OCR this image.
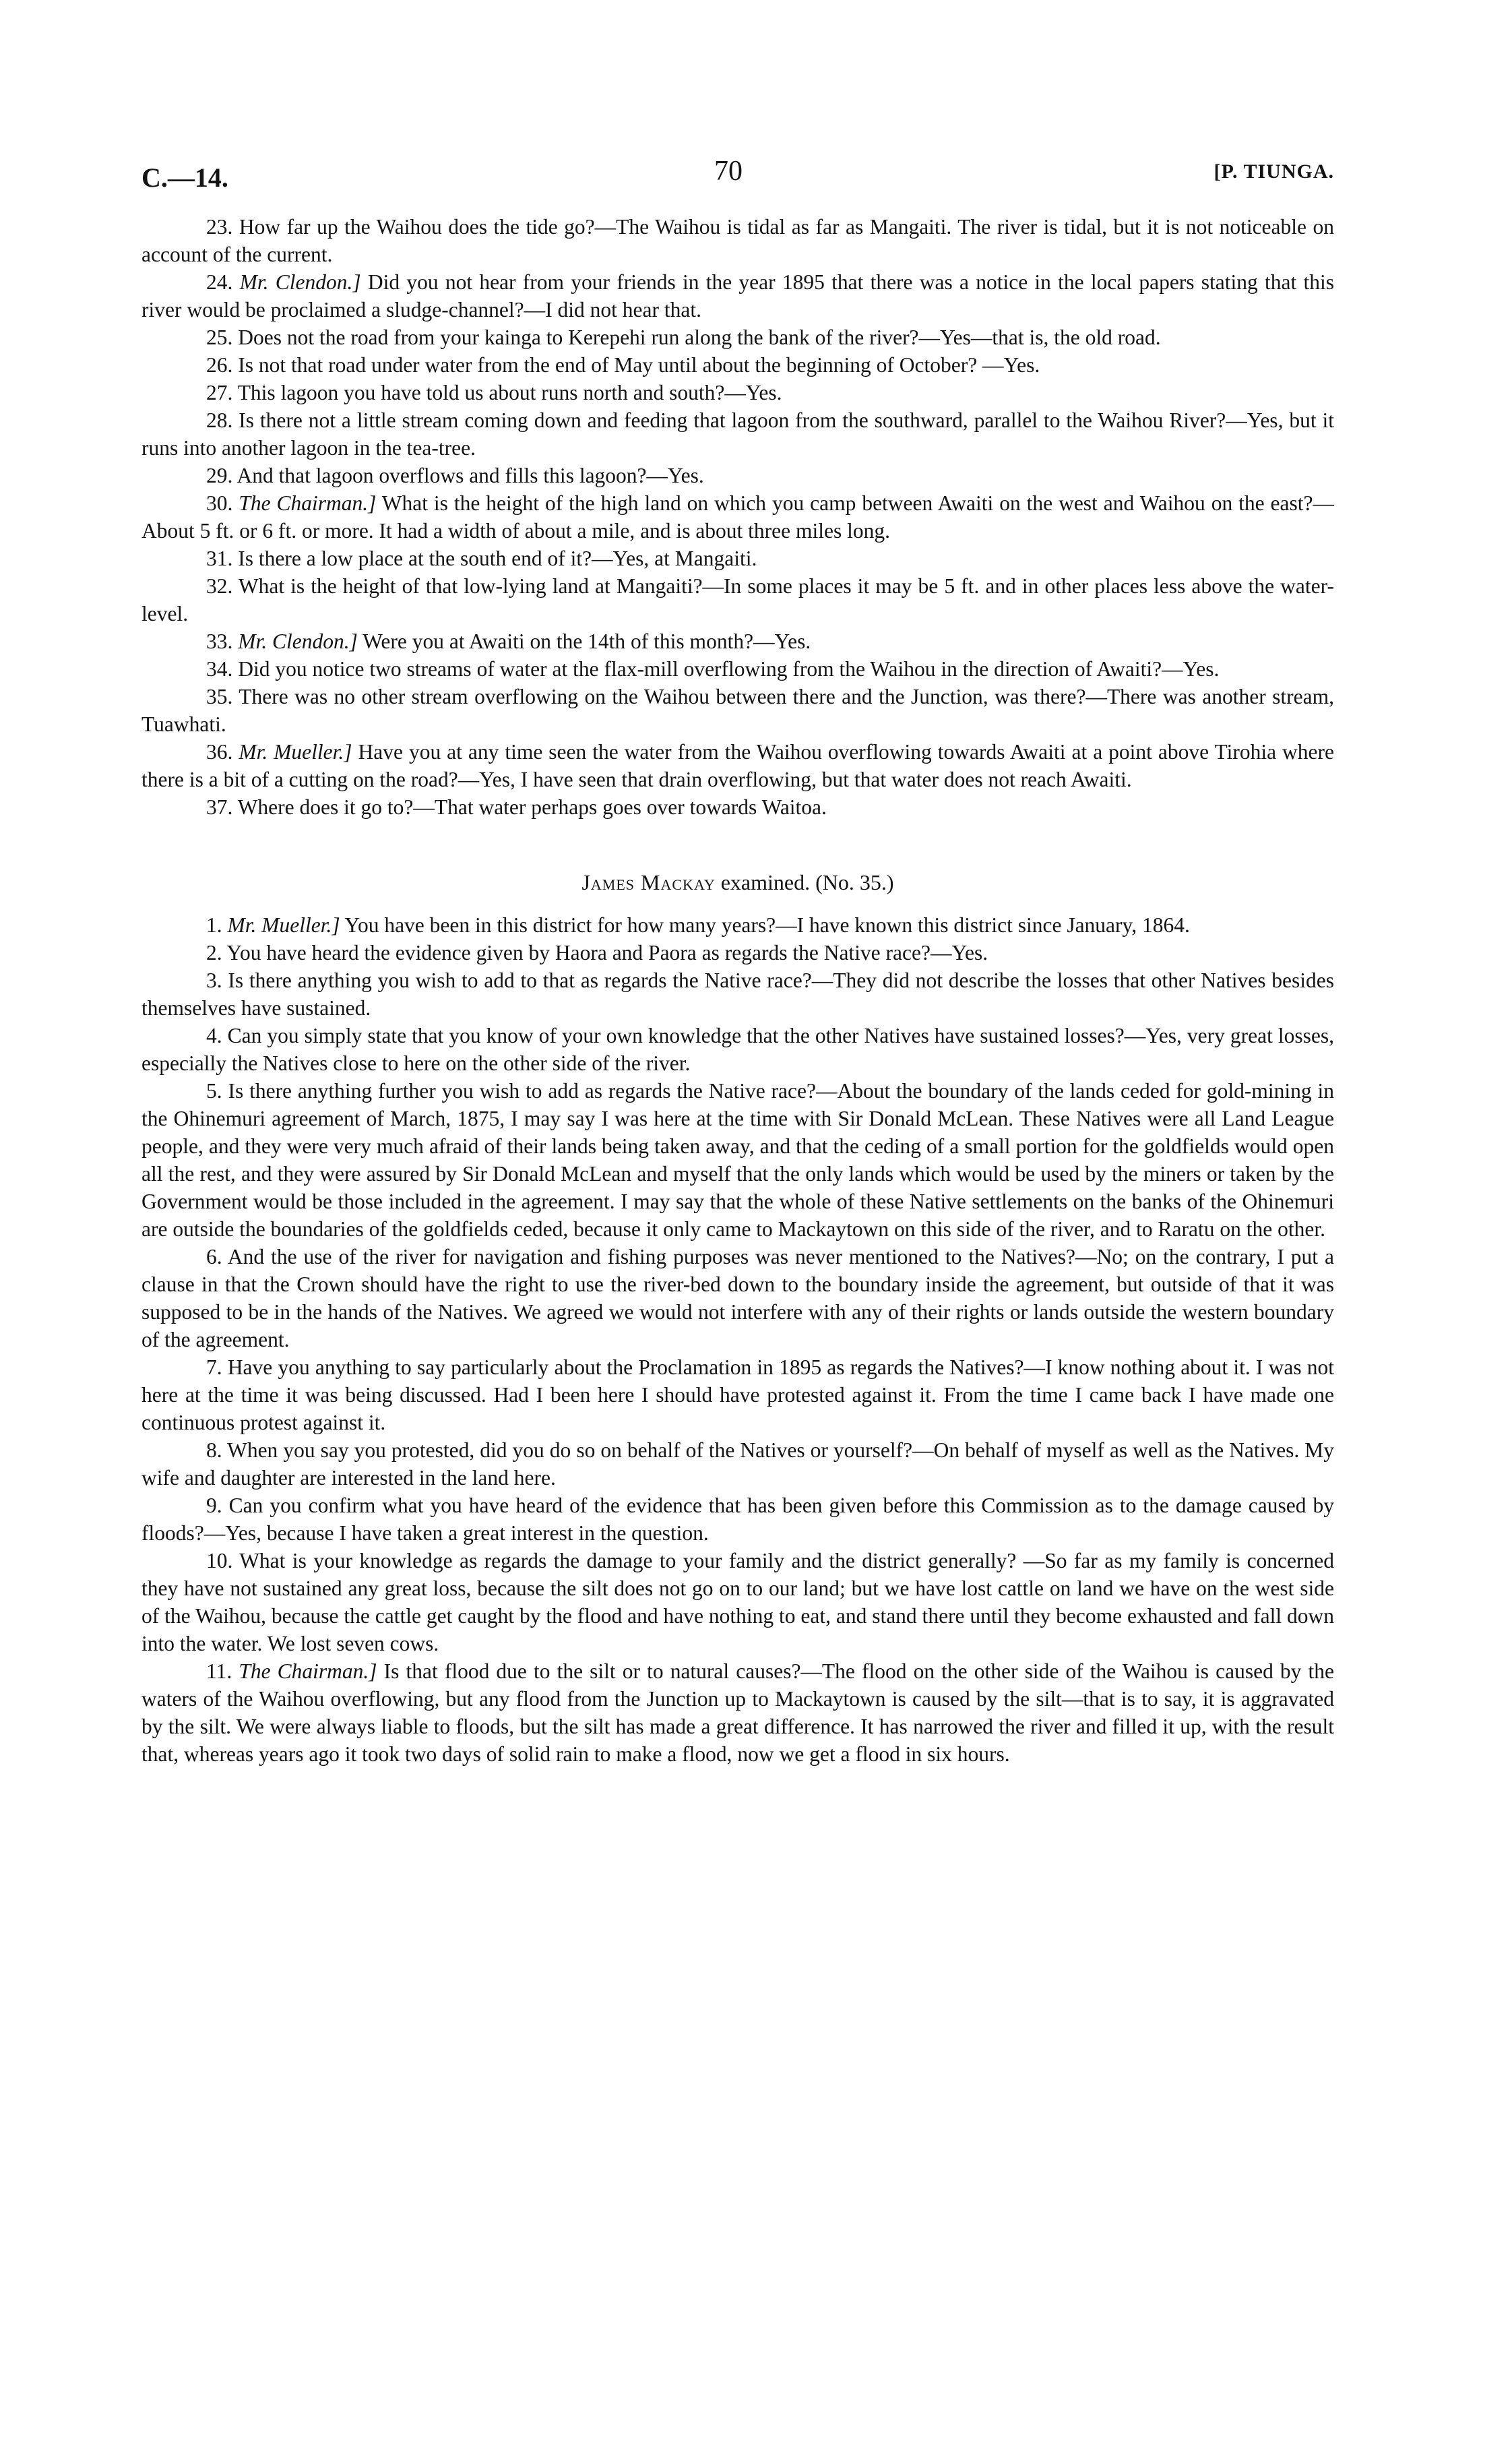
C.—14.	70	[P. TIUNGA.

23. How far up the Waihou does the tide go?—The Waihou is tidal as far as Mangaiti. The river is tidal, but it is not noticeable on account of the current.

24. Mr. Clendon.] Did you not hear from your friends in the year 1895 that there was a notice in the local papers stating that this river would be proclaimed a sludge-channel?—I did not hear that.

25. Does not the road from your kainga to Kerepehi run along the bank of the river?—Yes—that is, the old road.

26. Is not that road under water from the end of May until about the beginning of October? —Yes.

27. This lagoon you have told us about runs north and south?—Yes.

28. Is there not a little stream coming down and feeding that lagoon from the southward, parallel to the Waihou River?—Yes, but it runs into another lagoon in the tea-tree.

29. And that lagoon overflows and fills this lagoon?—Yes.

30. The Chairman.] What is the height of the high land on which you camp between Awaiti on the west and Waihou on the east?—About 5 ft. or 6 ft. or more. It had a width of about a mile, and is about three miles long.

31. Is there a low place at the south end of it?—Yes, at Mangaiti.

32. What is the height of that low-lying land at Mangaiti?—In some places it may be 5 ft. and in other places less above the water-level.

33. Mr. Clendon.] Were you at Awaiti on the 14th of this month?—Yes.

34. Did you notice two streams of water at the flax-mill overflowing from the Waihou in the direction of Awaiti?—Yes.

35. There was no other stream overflowing on the Waihou between there and the Junction, was there?—There was another stream, Tuawhati.

36. Mr. Mueller.] Have you at any time seen the water from the Waihou overflowing towards Awaiti at a point above Tirohia where there is a bit of a cutting on the road?—Yes, I have seen that drain overflowing, but that water does not reach Awaiti.

37. Where does it go to?—That water perhaps goes over towards Waitoa.

James Mackay examined. (No. 35.)

1. Mr. Mueller.] You have been in this district for how many years?—I have known this district since January, 1864.

2. You have heard the evidence given by Haora and Paora as regards the Native race?—Yes.

3. Is there anything you wish to add to that as regards the Native race?—They did not describe the losses that other Natives besides themselves have sustained.

4. Can you simply state that you know of your own knowledge that the other Natives have sustained losses?—Yes, very great losses, especially the Natives close to here on the other side of the river.

5. Is there anything further you wish to add as regards the Native race?—About the boundary of the lands ceded for gold-mining in the Ohinemuri agreement of March, 1875, I may say I was here at the time with Sir Donald McLean. These Natives were all Land League people, and they were very much afraid of their lands being taken away, and that the ceding of a small portion for the goldfields would open all the rest, and they were assured by Sir Donald McLean and myself that the only lands which would be used by the miners or taken by the Government would be those included in the agreement. I may say that the whole of these Native settlements on the banks of the Ohinemuri are outside the boundaries of the goldfields ceded, because it only came to Mackaytown on this side of the river, and to Raratu on the other.

6. And the use of the river for navigation and fishing purposes was never mentioned to the Natives?—No; on the contrary, I put a clause in that the Crown should have the right to use the river-bed down to the boundary inside the agreement, but outside of that it was supposed to be in the hands of the Natives. We agreed we would not interfere with any of their rights or lands outside the western boundary of the agreement.

7. Have you anything to say particularly about the Proclamation in 1895 as regards the Natives?—I know nothing about it. I was not here at the time it was being discussed. Had I been here I should have protested against it. From the time I came back I have made one continuous protest against it.

8. When you say you protested, did you do so on behalf of the Natives or yourself?—On behalf of myself as well as the Natives. My wife and daughter are interested in the land here.

9. Can you confirm what you have heard of the evidence that has been given before this Commission as to the damage caused by floods?—Yes, because I have taken a great interest in the question.

10. What is your knowledge as regards the damage to your family and the district generally? —So far as my family is concerned they have not sustained any great loss, because the silt does not go on to our land; but we have lost cattle on land we have on the west side of the Waihou, because the cattle get caught by the flood and have nothing to eat, and stand there until they become exhausted and fall down into the water. We lost seven cows.

11. The Chairman.] Is that flood due to the silt or to natural causes?—The flood on the other side of the Waihou is caused by the waters of the Waihou overflowing, but any flood from the Junction up to Mackaytown is caused by the silt—that is to say, it is aggravated by the silt. We were always liable to floods, but the silt has made a great difference. It has narrowed the river and filled it up, with the result that, whereas years ago it took two days of solid rain to make a flood, now we get a flood in six hours.
